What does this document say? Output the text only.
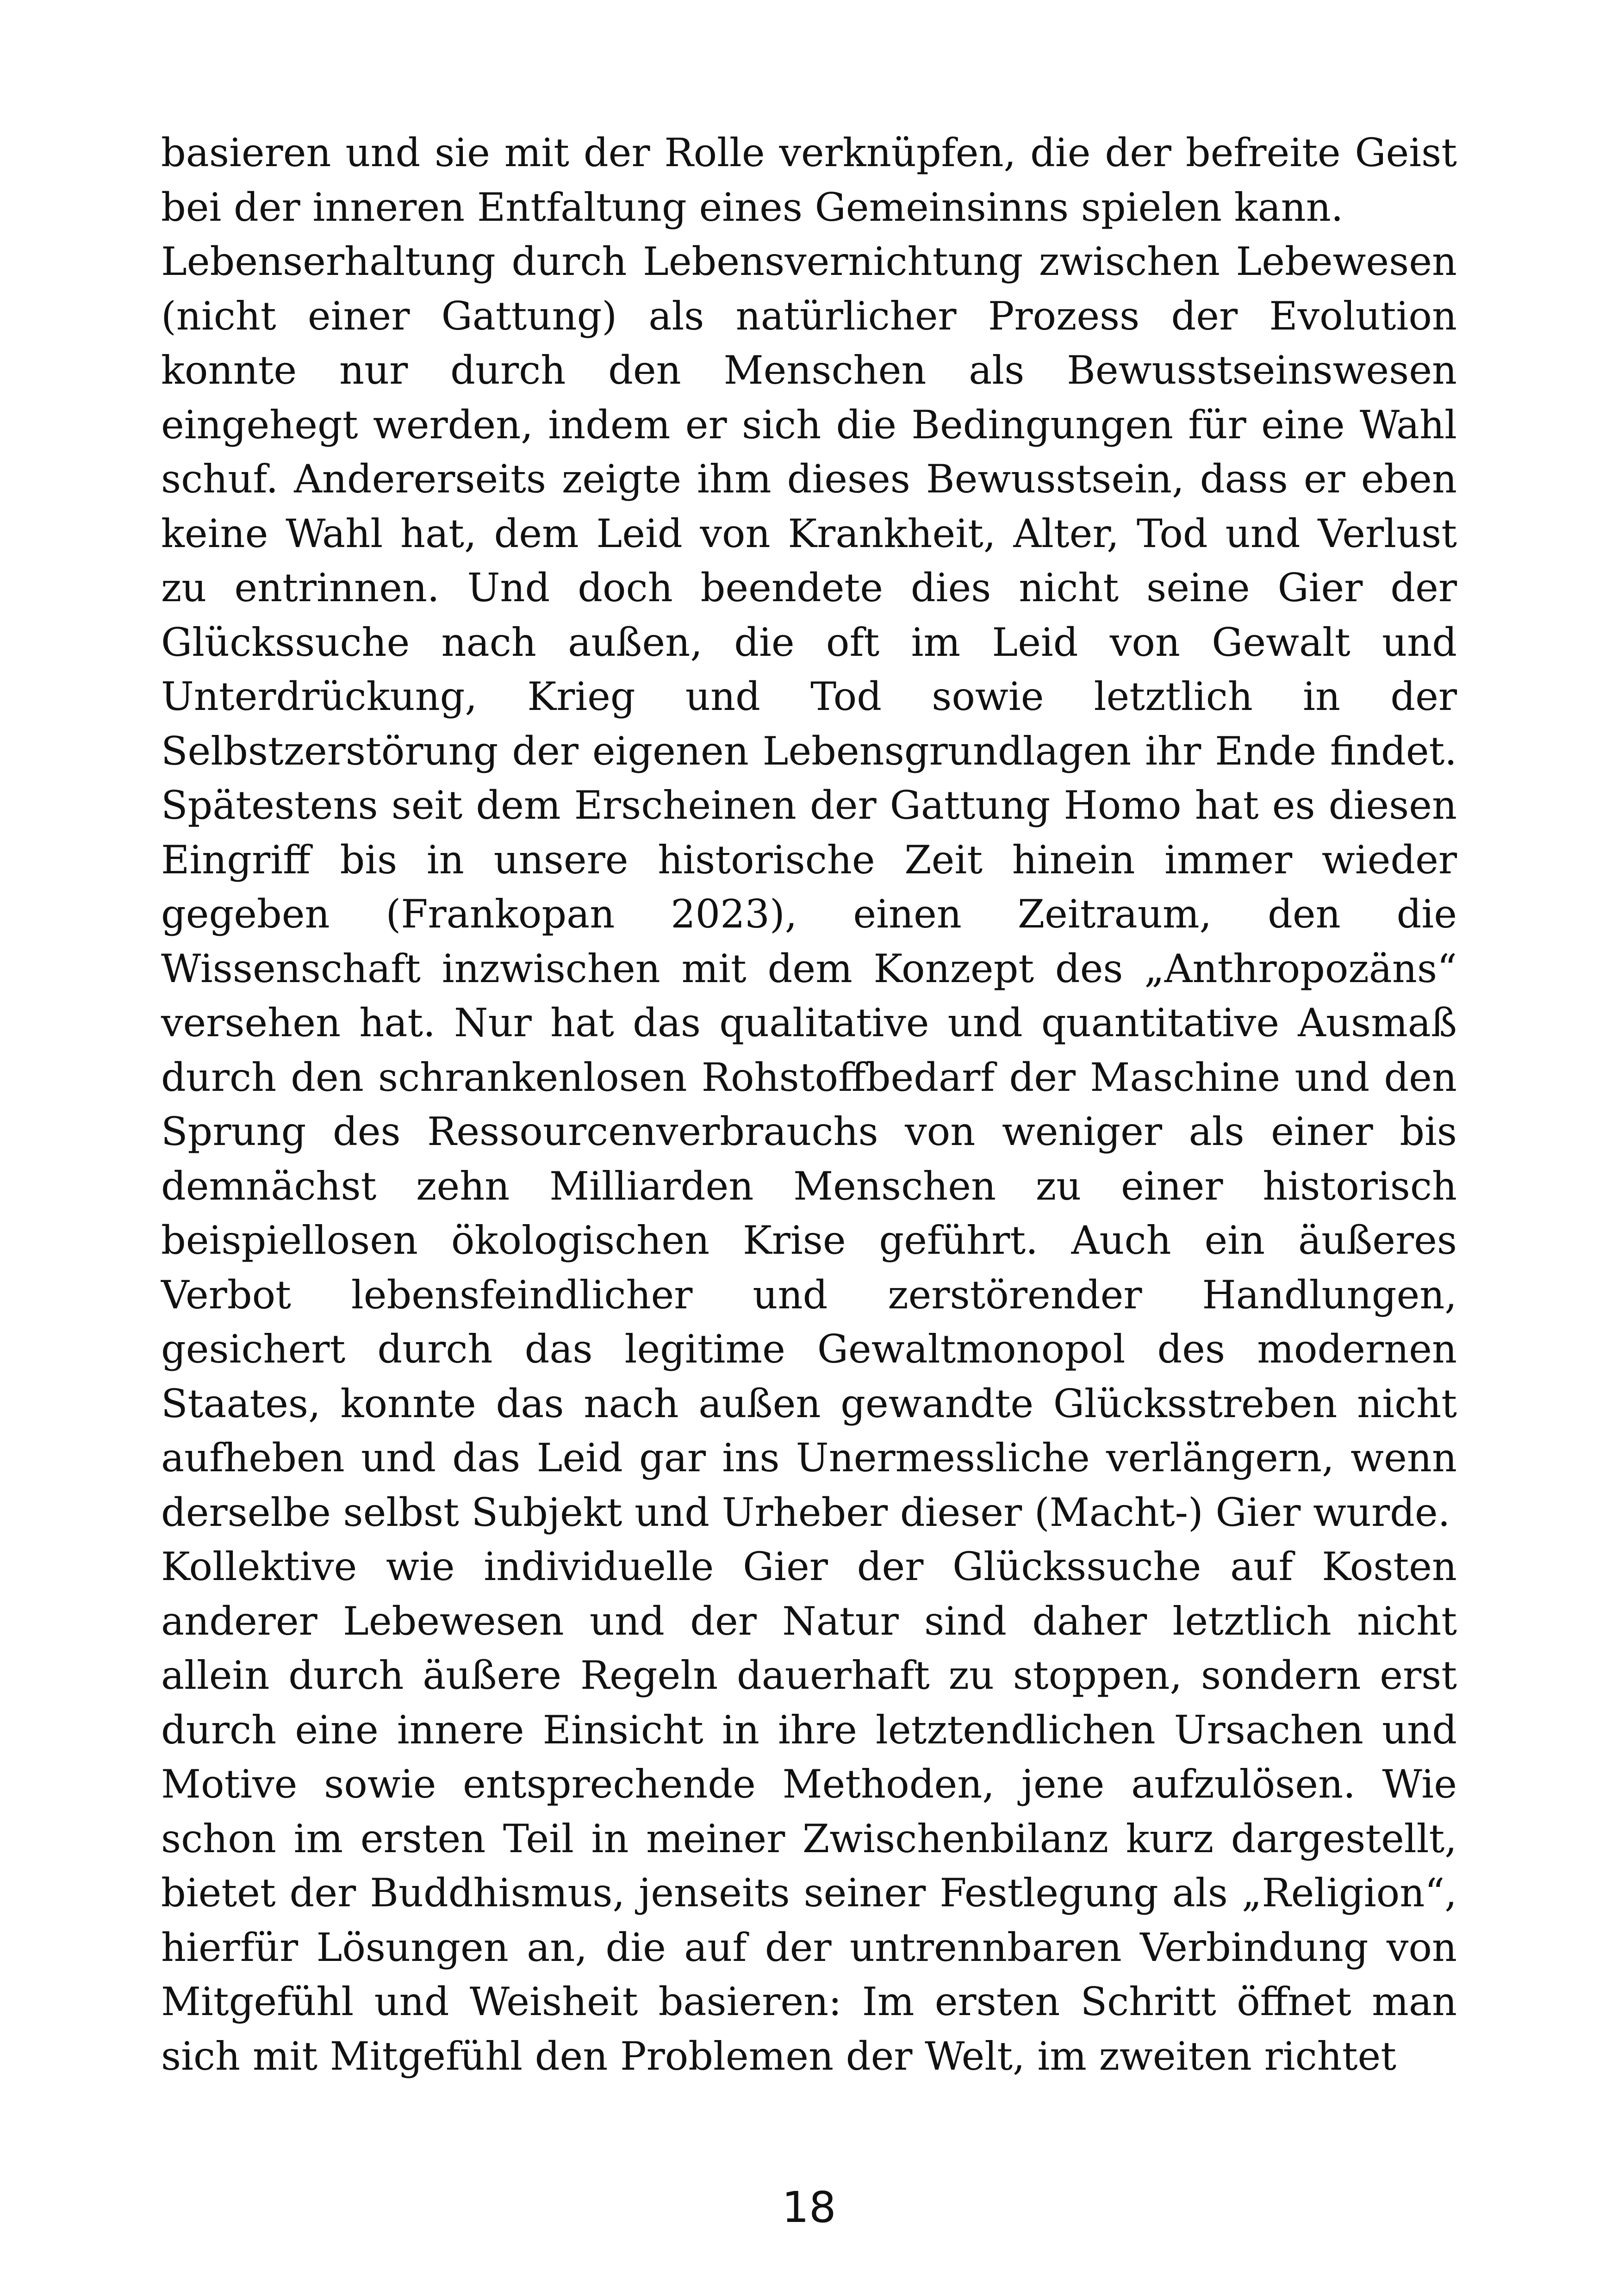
basieren und sie mit der Rolle verknüpfen, die der befreite Geist bei der inneren Entfaltung eines Gemeinsinns spielen kann.

Lebenserhaltung durch Lebensvernichtung zwischen Lebewesen (nicht einer Gattung) als natürlicher Prozess der Evolution konnte nur durch den Menschen als Bewusstseinswesen eingehegt werden, indem er sich die Bedingungen für eine Wahl schuf. Andererseits zeigte ihm dieses Bewusstsein, dass er eben keine Wahl hat, dem Leid von Krankheit, Alter, Tod und Verlust zu entrinnen. Und doch beendete dies nicht seine Gier der Glückssuche nach außen, die oft im Leid von Gewalt und Unterdrückung, Krieg und Tod sowie letztlich in der Selbstzerstörung der eigenen Lebensgrundlagen ihr Ende findet. Spätestens seit dem Erscheinen der Gattung Homo hat es diesen Eingriff bis in unsere historische Zeit hinein immer wieder gegeben (Frankopan 2023), einen Zeitraum, den die Wissenschaft inzwischen mit dem Konzept des „Anthropozäns“ versehen hat. Nur hat das qualitative und quantitative Ausmaß durch den schrankenlosen Rohstoffbedarf der Maschine und den Sprung des Ressourcenverbrauchs von weniger als einer bis demnächst zehn Milliarden Menschen zu einer historisch beispiellosen ökologischen Krise geführt. Auch ein äußeres Verbot lebensfeindlicher und zerstörender Handlungen, gesichert durch das legitime Gewaltmonopol des modernen Staates, konnte das nach außen gewandte Glücksstreben nicht aufheben und das Leid gar ins Unermessliche verlängern, wenn derselbe selbst Subjekt und Urheber dieser (Macht-) Gier wurde.

Kollektive wie individuelle Gier der Glückssuche auf Kosten anderer Lebewesen und der Natur sind daher letztlich nicht allein durch äußere Regeln dauerhaft zu stoppen, sondern erst durch eine innere Einsicht in ihre letztendlichen Ursachen und Motive sowie entsprechende Methoden, jene aufzulösen. Wie schon im ersten Teil in meiner Zwischenbilanz kurz dargestellt, bietet der Buddhismus, jenseits seiner Festlegung als „Religion“, hierfür Lösungen an, die auf der untrennbaren Verbindung von Mitgefühl und Weisheit basieren: Im ersten Schritt öffnet man sich mit Mitgefühl den Problemen der Welt, im zweiten richtet

18
